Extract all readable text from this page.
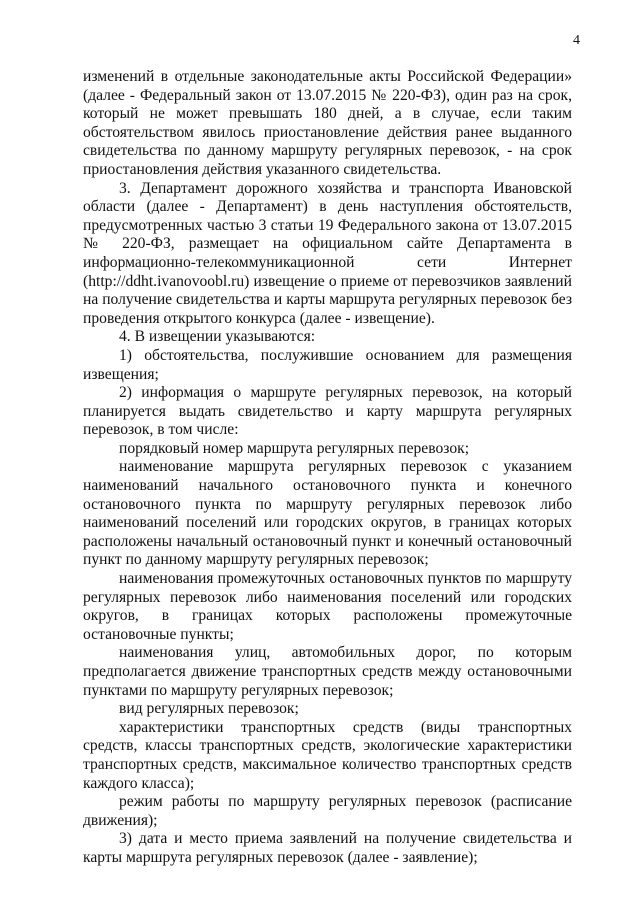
4

изменений в отдельные законодательные акты Российской Федерации» (далее - Федеральный закон от 13.07.2015 № 220-ФЗ), один раз на срок, который не может превышать 180 дней, а в случае, если таким обстоятельством явилось приостановление действия ранее выданного свидетельства по данному маршруту регулярных перевозок, - на срок приостановления действия указанного свидетельства.

3. Департамент дорожного хозяйства и транспорта Ивановской области (далее - Департамент) в день наступления обстоятельств, предусмотренных частью 3 статьи 19 Федерального закона от 13.07.2015 № 220-ФЗ, размещает на официальном сайте Департамента в информационно-телекоммуникационной сети Интернет (http://ddht.ivanovoobl.ru) извещение о приеме от перевозчиков заявлений на получение свидетельства и карты маршрута регулярных перевозок без проведения открытого конкурса (далее - извещение).

4. В извещении указываются:

1) обстоятельства, послужившие основанием для размещения извещения;

2) информация о маршруте регулярных перевозок, на который планируется выдать свидетельство и карту маршрута регулярных перевозок, в том числе:

порядковый номер маршрута регулярных перевозок;

наименование маршрута регулярных перевозок с указанием наименований начального остановочного пункта и конечного остановочного пункта по маршруту регулярных перевозок либо наименований поселений или городских округов, в границах которых расположены начальный остановочный пункт и конечный остановочный пункт по данному маршруту регулярных перевозок;

наименования промежуточных остановочных пунктов по маршруту регулярных перевозок либо наименования поселений или городских округов, в границах которых расположены промежуточные остановочные пункты;

наименования улиц, автомобильных дорог, по которым предполагается движение транспортных средств между остановочными пунктами по маршруту регулярных перевозок;

вид регулярных перевозок;

характеристики транспортных средств (виды транспортных средств, классы транспортных средств, экологические характеристики транспортных средств, максимальное количество транспортных средств каждого класса);

режим работы по маршруту регулярных перевозок (расписание движения);

3) дата и место приема заявлений на получение свидетельства и карты маршрута регулярных перевозок (далее - заявление);
